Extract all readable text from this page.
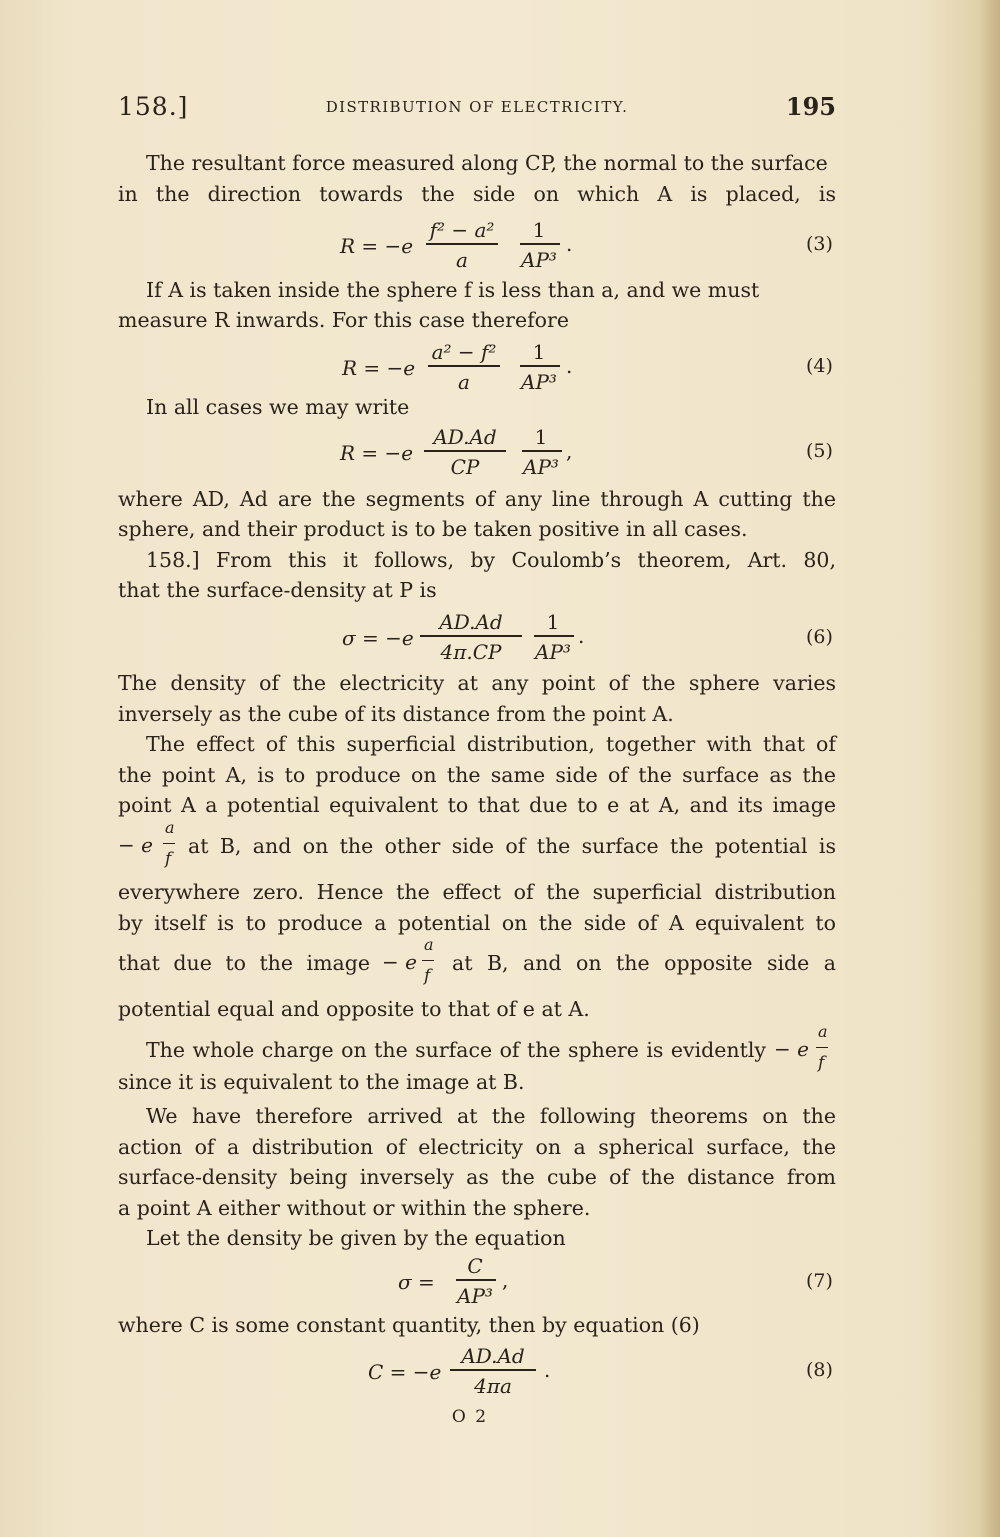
158.]	DISTRIBUTION OF ELECTRICITY.	195
The resultant force measured along CP, the normal to the surface
in the direction towards the side on which A is placed, is
R = −e
f² − a²
a
1
AP³
.	(3)
If A is taken inside the sphere f is less than a, and we must
measure R inwards. For this case therefore
R = −e
a² − f²
a
1
AP³
.	(4)
In all cases we may write
R = −e
AD.Ad
CP
1
AP³
,	(5)
where AD, Ad are the segments of any line through A cutting the
sphere, and their product is to be taken positive in all cases.
158.] From this it follows, by Coulomb’s theorem, Art. 80,
that the surface-density at P is
σ = −e
AD.Ad
4π.CP
1
AP³
.	(6)
The density of the electricity at any point of the sphere varies
inversely as the cube of its distance from the point A.
The effect of this superficial distribution, together with that of
the point A, is to produce on the same side of the surface as the
point A a potential equivalent to that due to e at A, and its image
− e
a
f
at B, and on the other side of the surface the potential is
everywhere zero. Hence the effect of the superficial distribution
by itself is to produce a potential on the side of A equivalent to
that due to the image − e
a
f
at B, and on the opposite side a
potential equal and opposite to that of e at A.
The whole charge on the surface of the sphere is evidently − e
a
f
since it is equivalent to the image at B.
We have therefore arrived at the following theorems on the
action of a distribution of electricity on a spherical surface, the
surface-density being inversely as the cube of the distance from
a point A either without or within the sphere.
Let the density be given by the equation
σ =
C
AP³
,	(7)
where C is some constant quantity, then by equation (6)
C = −e
AD.Ad
4πa
.	(8)
O 2
